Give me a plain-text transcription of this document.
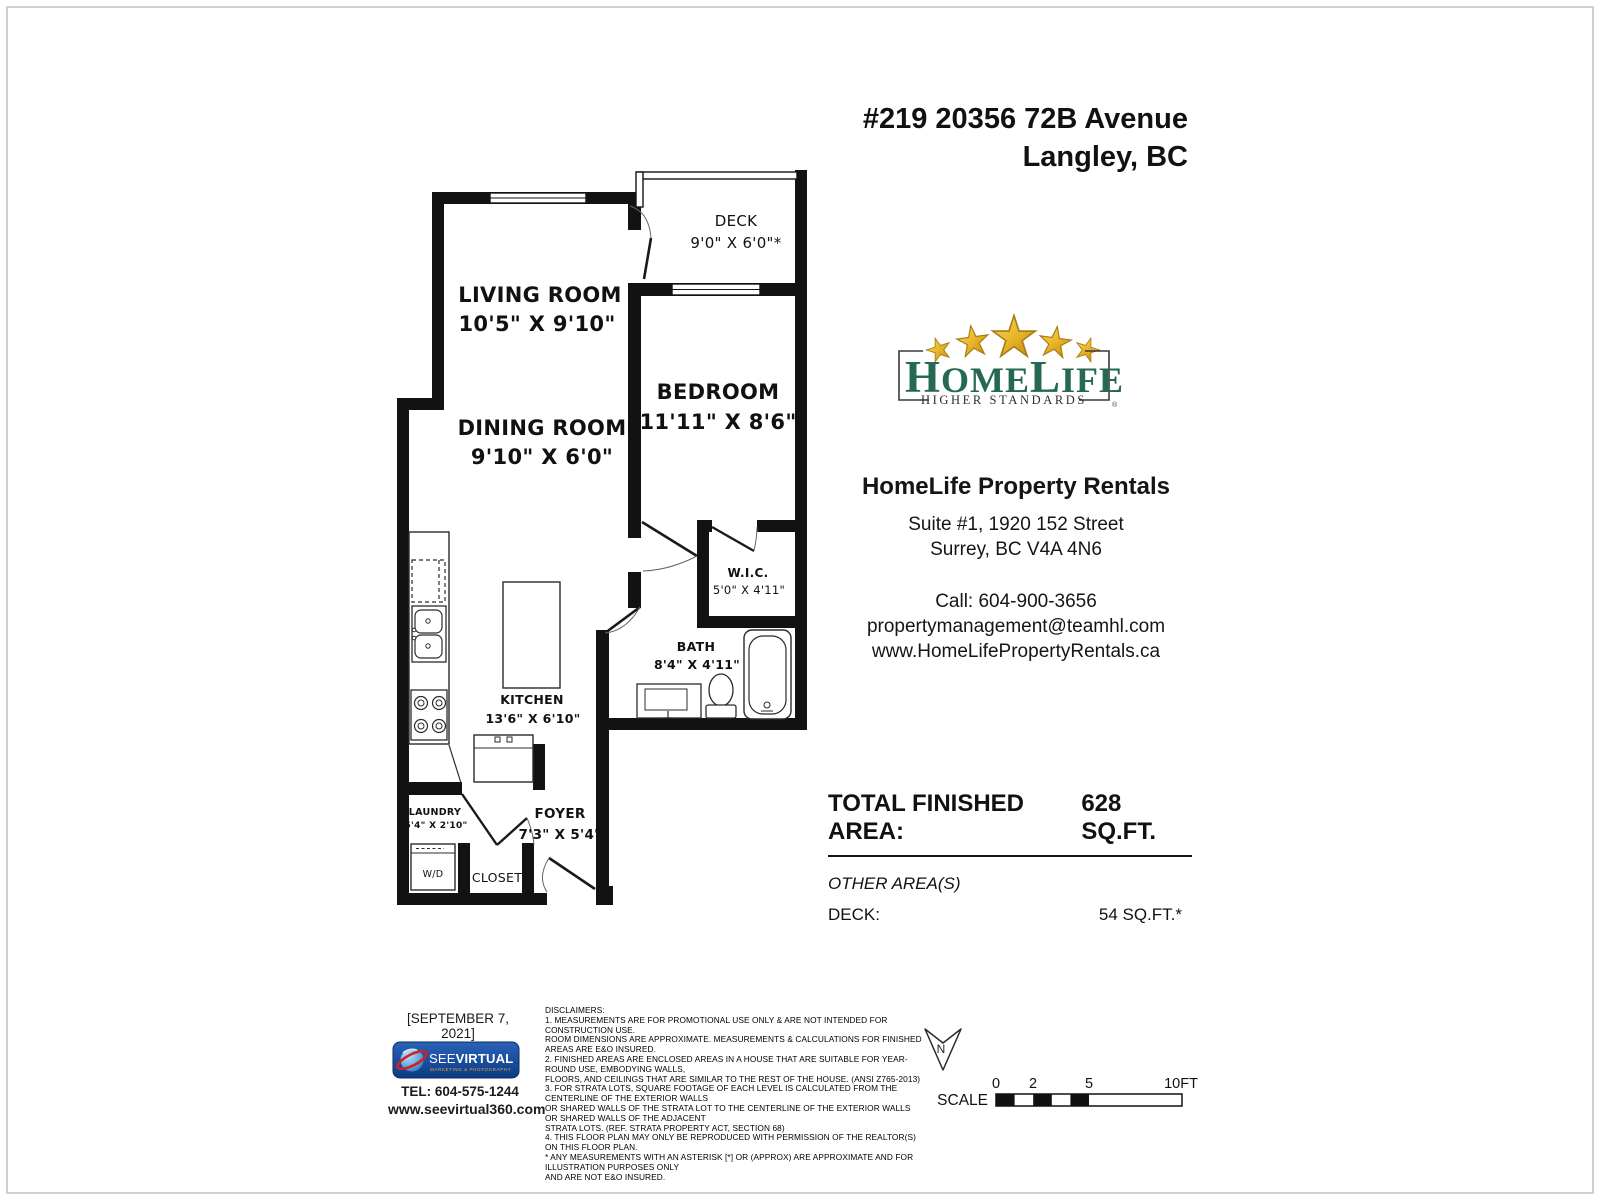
#219 20356 72B Avenue
Langley, BC
HOMELIFE
HIGHER STANDARDS	®
HomeLife Property Rentals
Suite #1, 1920 152 Street
Surrey, BC V4A 4N6
Call: 604-900-3656
propertymanagement@teamhl.com
www.HomeLifePropertyRentals.ca
TOTAL FINISHED AREA:
628 SQ.FT.
OTHER AREA(S)
DECK:	54 SQ.FT.*
LIVING ROOM
10'5" X 9'10"
DINING ROOM
9'10" X 6'0"
BEDROOM
11'11" X 8'6"
DECK
9'0" X 6'0"*
KITCHEN
13'6" X 6'10"
W.I.C.
5'0" X 4'11"
BATH
8'4" X 4'11"
LAUNDRY
5'4" X 2'10"
FOYER
7'3" X 5'4"
CLOSET
W/D
[SEPTEMBER 7, 2021]
SEEVIRTUAL
MARKETING & PHOTOGRAPHY
TEL: 604-575-1244
www.seevirtual360.com
DISCLAIMERS:
1. MEASUREMENTS ARE FOR PROMOTIONAL USE ONLY & ARE NOT INTENDED FOR CONSTRUCTION USE.
ROOM DIMENSIONS ARE APPROXIMATE. MEASUREMENTS & CALCULATIONS FOR FINISHED AREAS ARE E&O INSURED.
2. FINISHED AREAS ARE ENCLOSED AREAS IN A HOUSE THAT ARE SUITABLE FOR YEAR-ROUND USE, EMBODYING WALLS,
FLOORS, AND CEILINGS THAT ARE SIMILAR TO THE REST OF THE HOUSE. (ANSI Z765-2013)
3. FOR STRATA LOTS, SQUARE FOOTAGE OF EACH LEVEL IS CALCULATED FROM THE CENTERLINE OF THE EXTERIOR WALLS
OR SHARED WALLS OF THE STRATA LOT TO THE CENTERLINE OF THE EXTERIOR WALLS OR SHARED WALLS OF THE ADJACENT
STRATA LOTS. (REF. STRATA PROPERTY ACT, SECTION 68)
4. THIS FLOOR PLAN MAY ONLY BE REPRODUCED WITH PERMISSION OF THE REALTOR(S) ON THIS FLOOR PLAN.
* ANY MEASUREMENTS WITH AN ASTERISK [*] OR (APPROX) ARE APPROXIMATE AND FOR ILLUSTRATION PURPOSES ONLY
AND ARE NOT E&O INSURED.
N
SCALE
0 2	5	10FT
